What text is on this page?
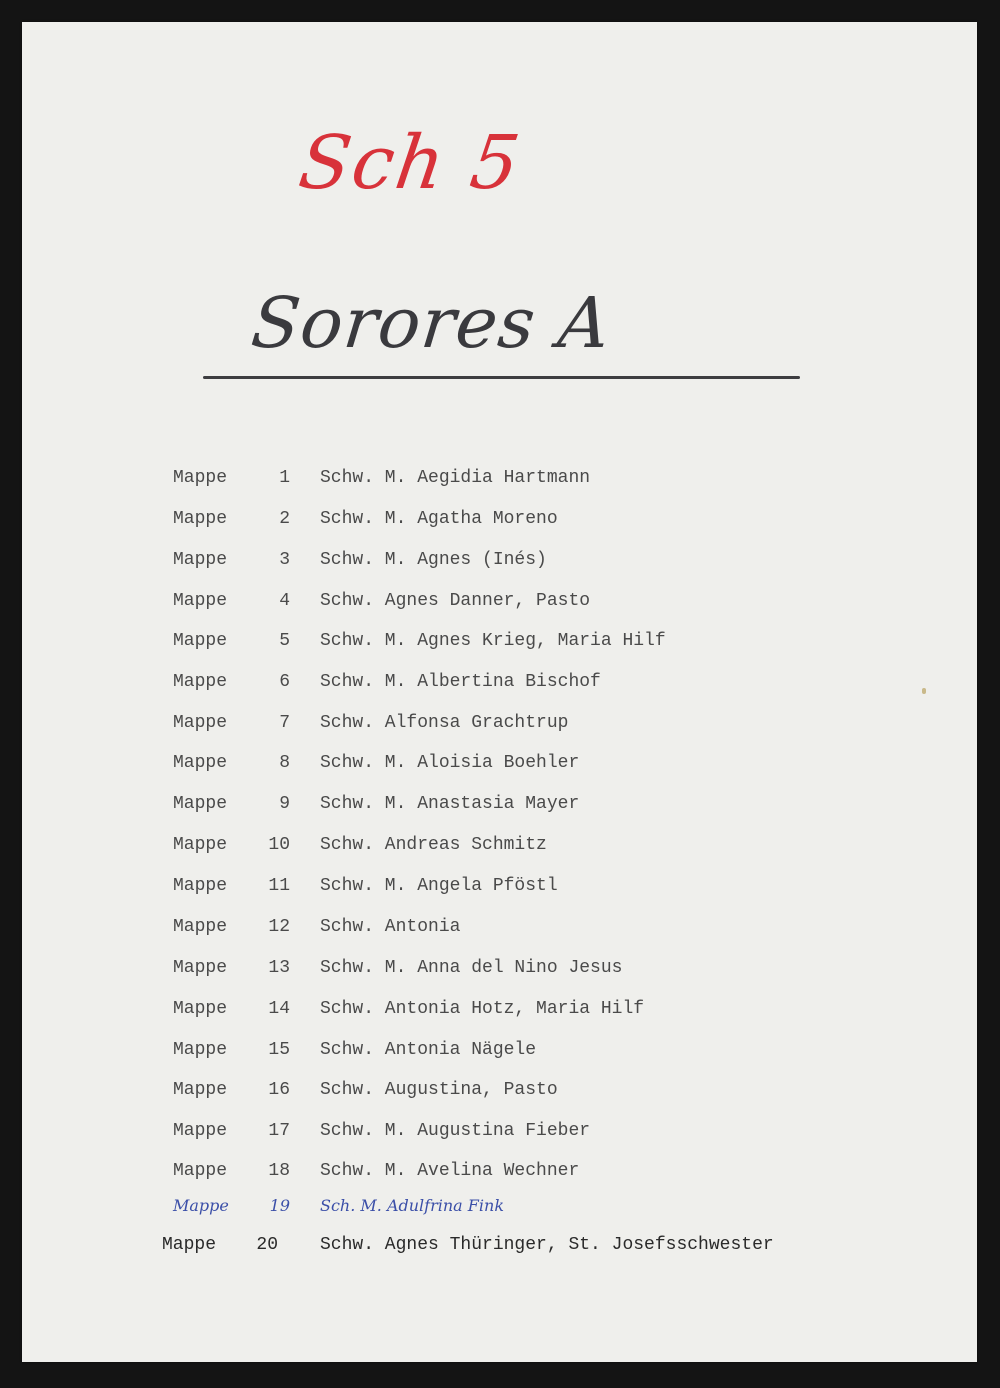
Sch 5
Sorores A
Mappe	1 Schw. M. Aegidia Hartmann
Mappe	2 Schw. M. Agatha Moreno
Mappe	3 Schw. M. Agnes (Inés)
Mappe	4 Schw. Agnes Danner, Pasto
Mappe	5 Schw. M. Agnes Krieg, Maria Hilf
Mappe	6 Schw. M. Albertina Bischof
Mappe	7 Schw. Alfonsa Grachtrup
Mappe	8 Schw. M. Aloisia Boehler
Mappe	9 Schw. M. Anastasia Mayer
Mappe	10 Schw. Andreas Schmitz
Mappe	11 Schw. M. Angela Pföstl
Mappe	12 Schw. Antonia
Mappe	13 Schw. M. Anna del Nino Jesus
Mappe	14 Schw. Antonia Hotz, Maria Hilf
Mappe	15 Schw. Antonia Nägele
Mappe	16 Schw. Augustina, Pasto
Mappe	17 Schw. M. Augustina Fieber
Mappe	18 Schw. M. Avelina Wechner
Mappe	19 Sch. M. Adulfrina Fink
Mappe 20 Schw. Agnes Thüringer, St. Josefsschwester
